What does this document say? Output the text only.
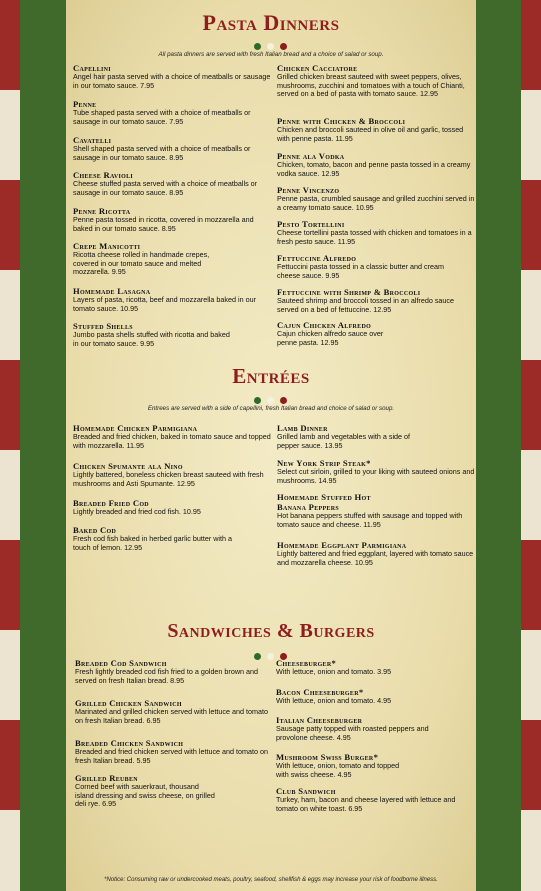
Pasta Dinners
All pasta dinners are served with fresh Italian bread and a choice of salad or soup.
Capellini
Angel hair pasta served with a choice of meatballs or sausage in our tomato sauce. 7.95
Penne
Tube shaped pasta served with a choice of meatballs or sausage in our tomato sauce. 7.95
Cavatelli
Shell shaped pasta served with a choice of meatballs or sausage in our tomato sauce. 8.95
Cheese Ravioli
Cheese stuffed pasta served with a choice of meatballs or sausage in our tomato sauce. 8.95
Penne Ricotta
Penne pasta tossed in ricotta, covered in mozzarella and baked in our tomato sauce. 8.95
Crepe Manicotti
Ricotta cheese rolled in handmade crepes, covered in our tomato sauce and melted mozzarella. 9.95
Homemade Lasagna
Layers of pasta, ricotta, beef and mozzarella baked in our tomato sauce. 10.95
Stuffed Shells
Jumbo pasta shells stuffed with ricotta and baked in our tomato sauce. 9.95
Chicken Cacciatore
Grilled chicken breast sauteed with sweet peppers, olives, mushrooms, zucchini and tomatoes with a touch of Chianti, served on a bed of pasta with tomato sauce. 12.95
Penne with Chicken & Broccoli
Chicken and broccoli sauteed in olive oil and garlic, tossed with penne pasta. 11.95
Penne ala Vodka
Chicken, tomato, bacon and penne pasta tossed in a creamy vodka sauce. 12.95
Penne Vincenzo
Penne pasta, crumbled sausage and grilled zucchini served in a creamy tomato sauce. 10.95
Pesto Tortellini
Cheese tortellini pasta tossed with chicken and tomatoes in a fresh pesto sauce. 11.95
Fettuccine Alfredo
Fettuccini pasta tossed in a classic butter and cream cheese sauce. 9.95
Fettuccine with Shrimp & Broccoli
Sauteed shrimp and broccoli tossed in an alfredo sauce served on a bed of fettuccine. 12.95
Cajun Chicken Alfredo
Cajun chicken alfredo sauce over penne pasta. 12.95
Entrées
Entrees are served with a side of capellini, fresh Italian bread and choice of salad or soup.
Homemade Chicken Parmigiana
Breaded and fried chicken, baked in tomato sauce and topped with mozzarella. 11.95
Chicken Spumante ala Nino
Lightly battered, boneless chicken breast sauteed with fresh mushrooms and Asti Spumante. 12.95
Breaded Fried Cod
Lightly breaded and fried cod fish. 10.95
Baked Cod
Fresh cod fish baked in herbed garlic butter with a touch of lemon. 12.95
Lamb Dinner
Grilled lamb and vegetables with a side of pepper sauce. 13.95
New York Strip Steak*
Select cut sirloin, grilled to your liking with sauteed onions and mushrooms. 14.95
Homemade Stuffed Hot Banana Peppers
Hot banana peppers stuffed with sausage and topped with tomato sauce and cheese. 11.95
Homemade Eggplant Parmigiana
Lightly battered and fried eggplant, layered with tomato sauce and mozzarella cheese. 10.95
Sandwiches & Burgers
Breaded Cod Sandwich
Fresh lightly breaded cod fish fried to a golden brown and served on fresh Italian bread. 8.95
Grilled Chicken Sandwich
Marinated and grilled chicken served with lettuce and tomato on fresh Italian bread. 6.95
Breaded Chicken Sandwich
Breaded and fried chicken served with lettuce and tomato on fresh Italian bread. 5.95
Grilled Reuben
Corned beef with sauerkraut, thousand island dressing and swiss cheese, on grilled deli rye. 6.95
Cheeseburger*
With lettuce, onion and tomato. 3.95
Bacon Cheeseburger*
With lettuce, onion and tomato. 4.95
Italian Cheeseburger
Sausage patty topped with roasted peppers and provolone cheese. 4.95
Mushroom Swiss Burger*
With lettuce, onion, tomato and topped with swiss cheese. 4.95
Club Sandwich
Turkey, ham, bacon and cheese layered with lettuce and tomato on white toast. 6.95
*Notice: Consuming raw or undercooked meats, poultry, seafood, shellfish & eggs may increase your risk of foodborne illness.
